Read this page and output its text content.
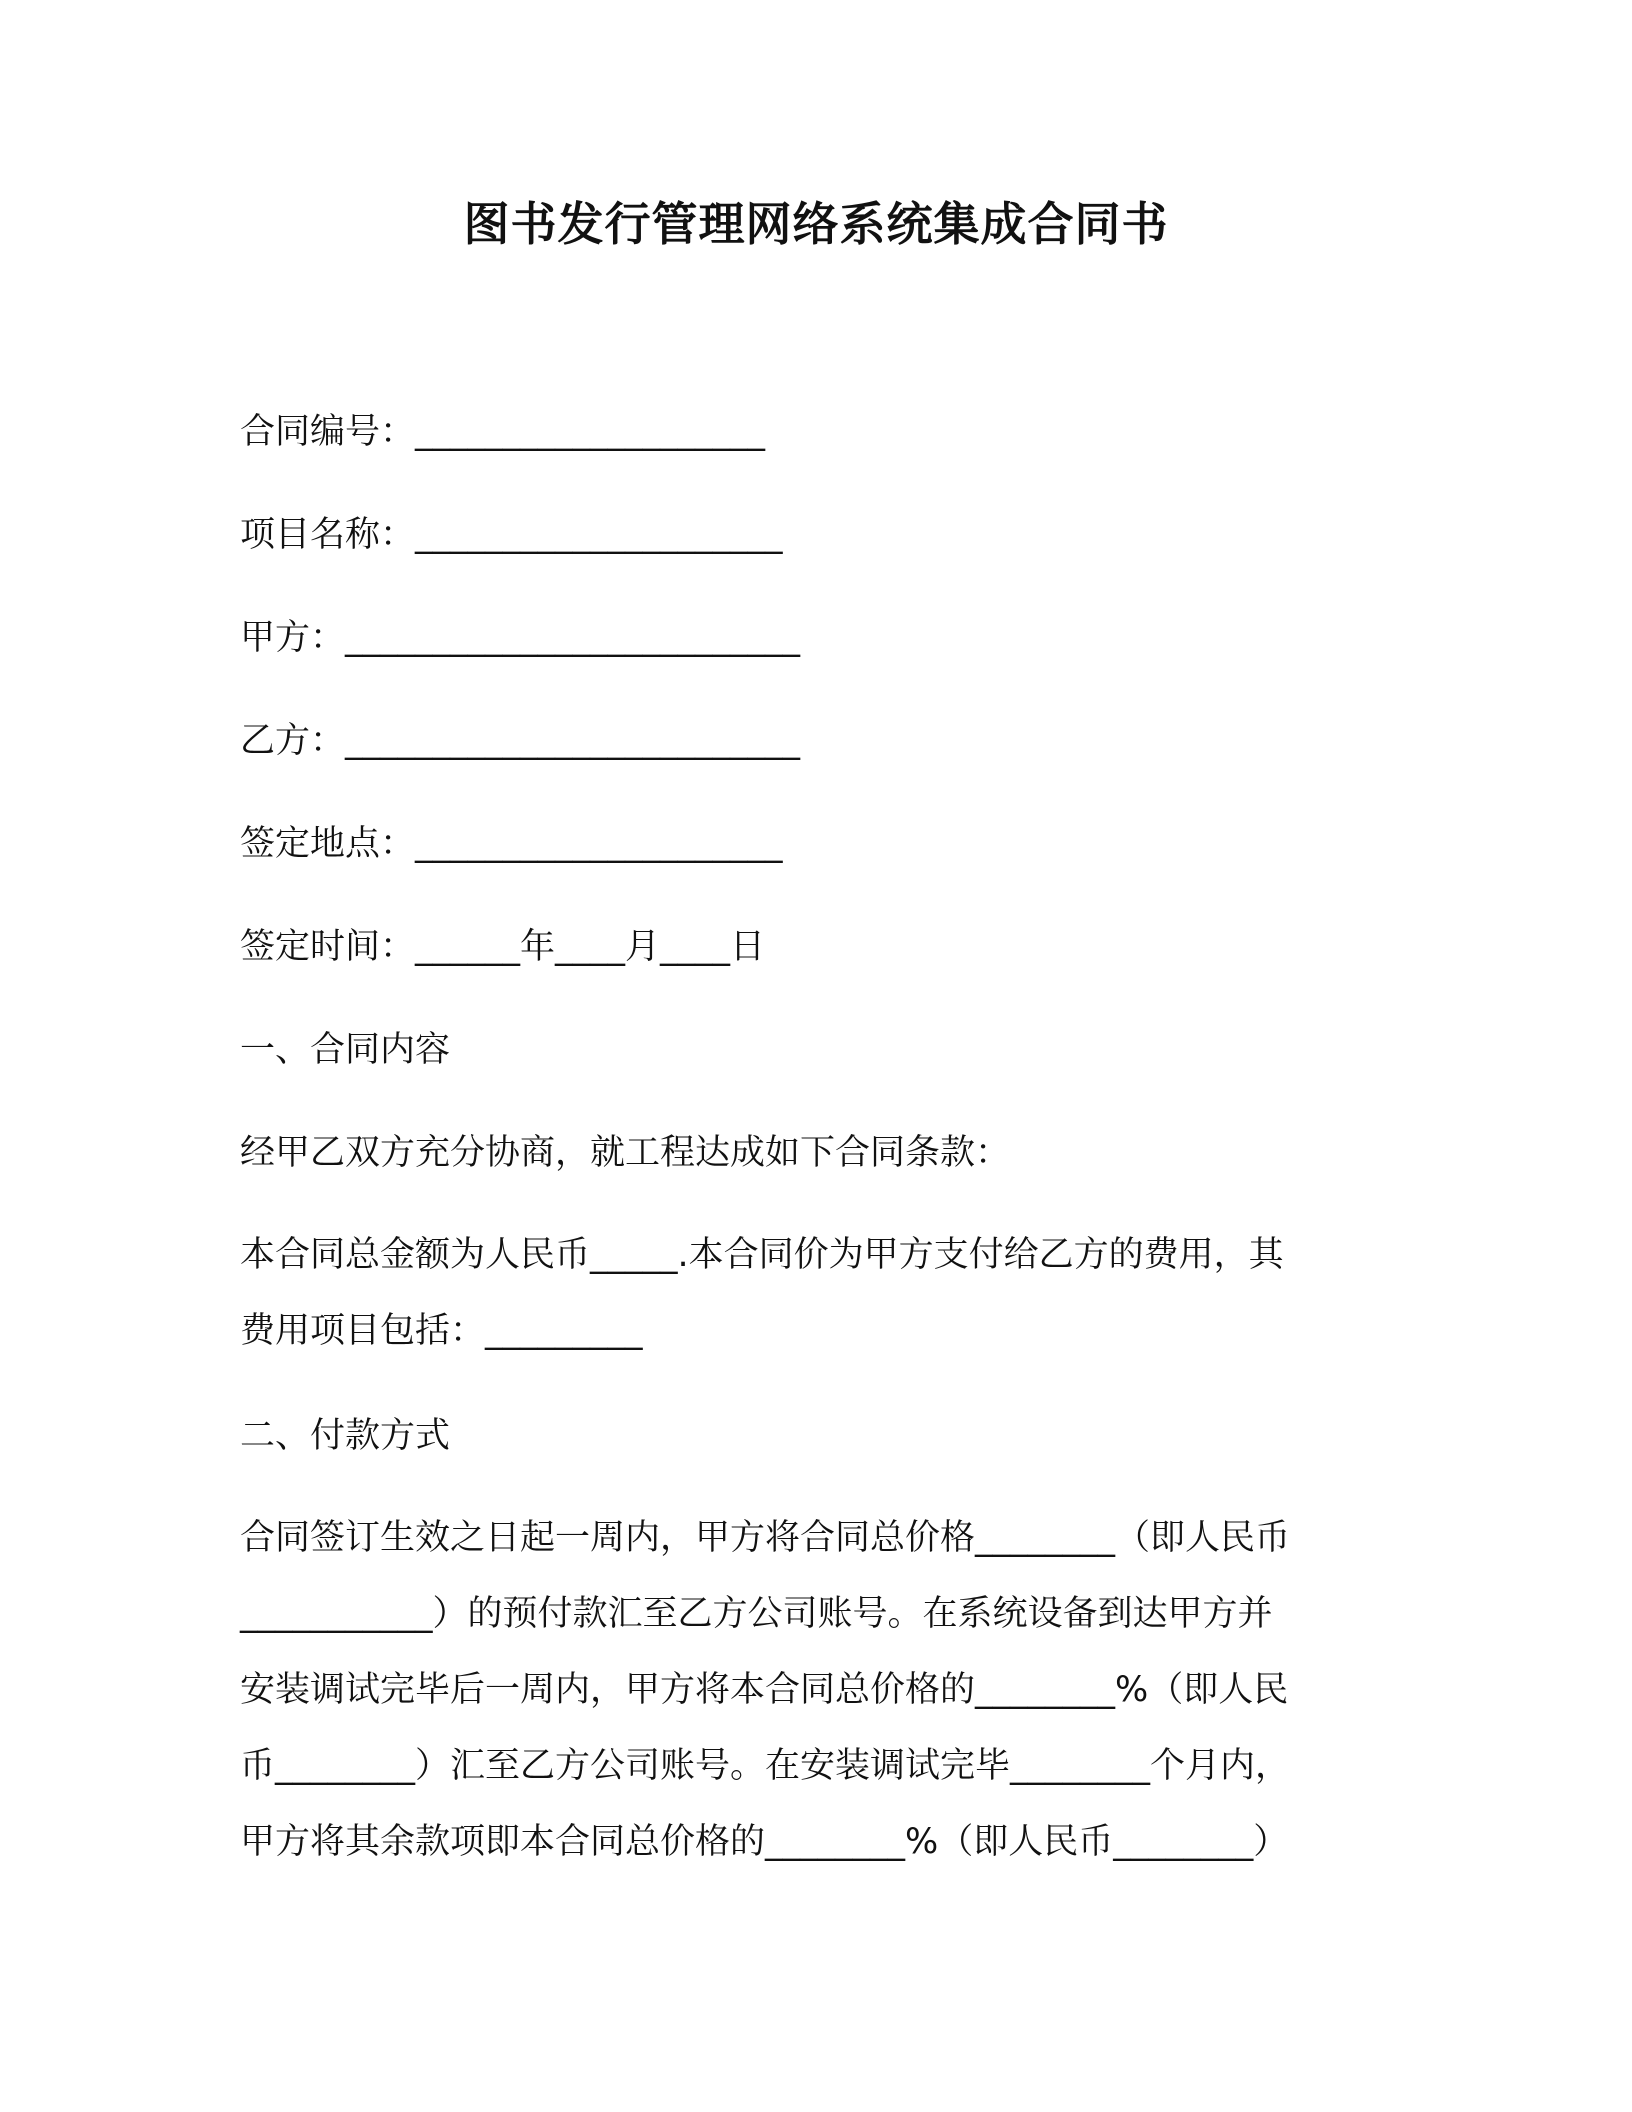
图书发行管理网络系统集成合同书
合同编号：____________________
项目名称：_____________________
甲方：__________________________
乙方：__________________________
签定地点：_____________________
签定时间：______年____月____日
一、合同内容
经甲乙双方充分协商，就工程达成如下合同条款：
本合同总金额为人民币_____.本合同价为甲方支付给乙方的费用，其
费用项目包括：_________
二、付款方式
合同签订生效之日起一周内，甲方将合同总价格________（即人民币
___________）的预付款汇至乙方公司账号。在系统设备到达甲方并
安装调试完毕后一周内，甲方将本合同总价格的________%（即人民
币________）汇至乙方公司账号。在安装调试完毕________个月内，
甲方将其余款项即本合同总价格的________%（即人民币________）
